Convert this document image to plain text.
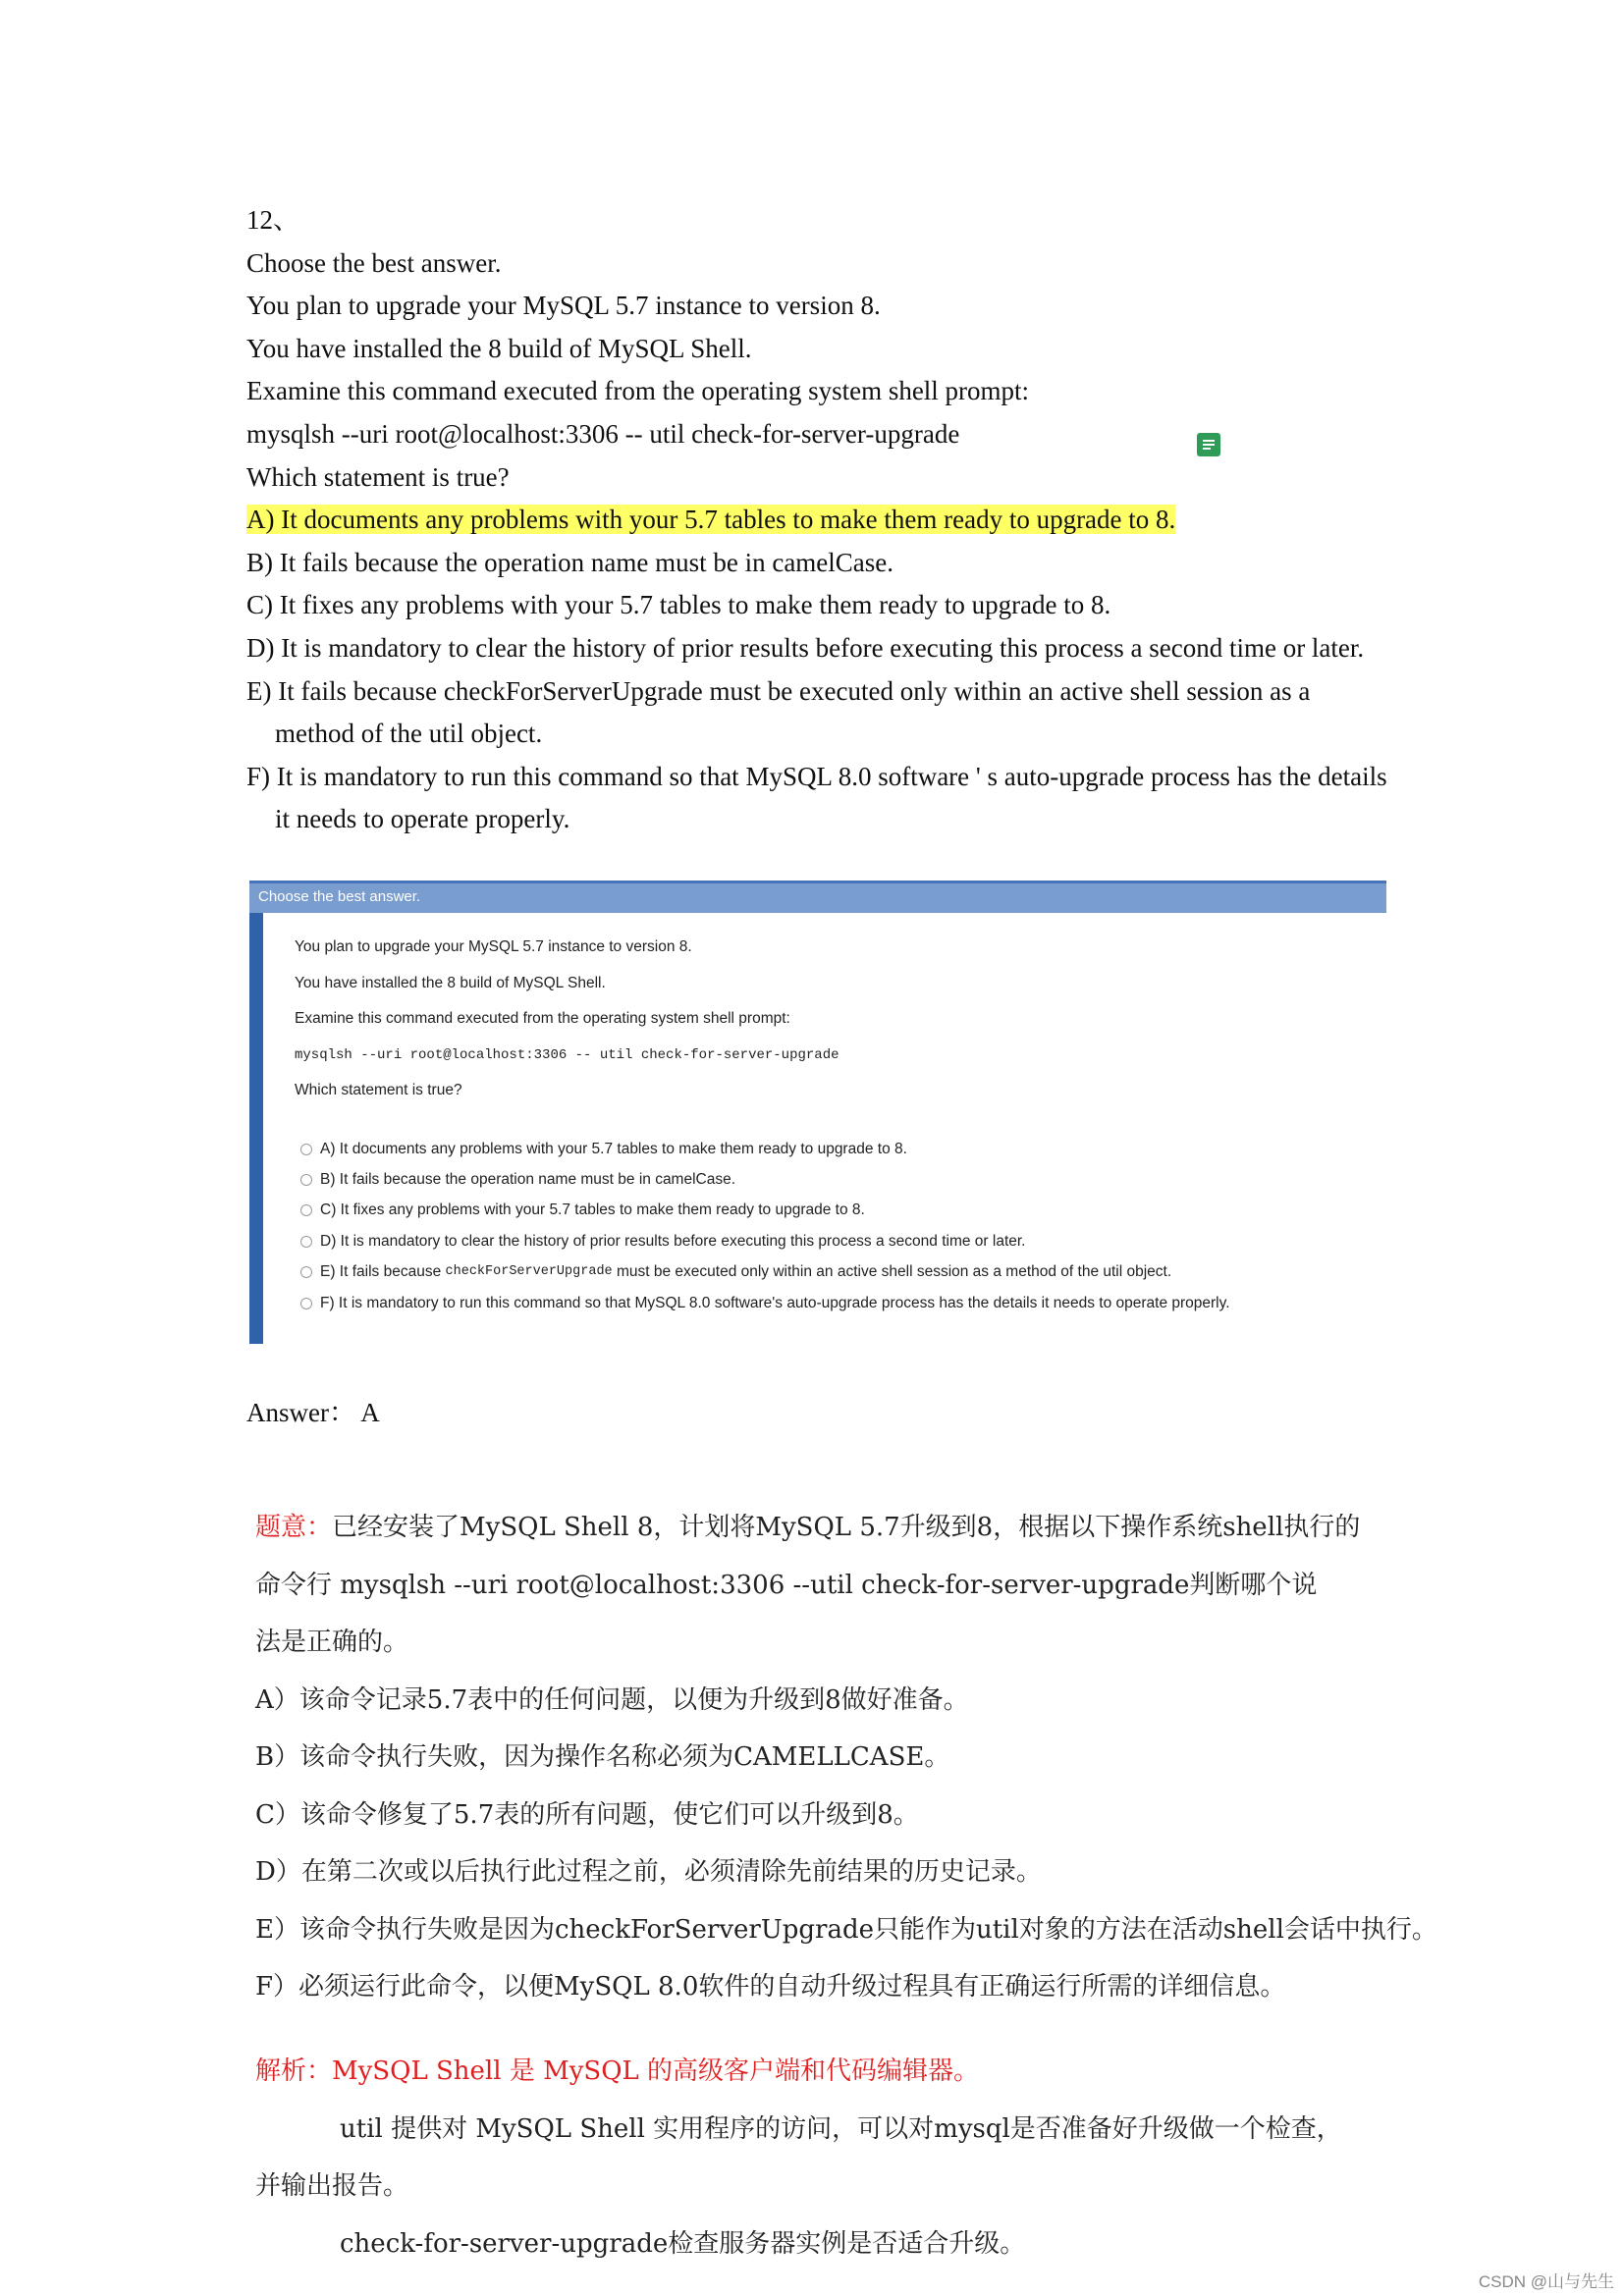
12、
Choose the best answer.
You plan to upgrade your MySQL 5.7 instance to version 8.
You have installed the 8 build of MySQL Shell.
Examine this command executed from the operating system shell prompt:
mysqlsh --uri root@localhost:3306 -- util check-for-server-upgrade
Which statement is true?
A) It documents any problems with your 5.7 tables to make them ready to upgrade to 8.
B) It fails because the operation name must be in camelCase.
C) It fixes any problems with your 5.7 tables to make them ready to upgrade to 8.
D) It is mandatory to clear the history of prior results before executing this process a second time or later.
E) It fails because checkForServerUpgrade must be executed only within an active shell session as a method of the util object.
F) It is mandatory to run this command so that MySQL 8.0 software ' s auto-upgrade process has the details it needs to operate properly.
Choose the best answer.
You plan to upgrade your MySQL 5.7 instance to version 8.
You have installed the 8 build of MySQL Shell.
Examine this command executed from the operating system shell prompt:
mysqlsh --uri root@localhost:3306 -- util check-for-server-upgrade
Which statement is true?
A) It documents any problems with your 5.7 tables to make them ready to upgrade to 8.
B) It fails because the operation name must be in camelCase.
C) It fixes any problems with your 5.7 tables to make them ready to upgrade to 8.
D) It is mandatory to clear the history of prior results before executing this process a second time or later.
E) It fails because checkForServerUpgrade must be executed only within an active shell session as a method of the util object.
F) It is mandatory to run this command so that MySQL 8.0 software's auto-upgrade process has the details it needs to operate properly.
Answer： A
题意：已经安装了MySQL Shell 8，计划将MySQL 5.7升级到8，根据以下操作系统shell执行的
命令行 mysqlsh --uri root@localhost:3306 --util check-for-server-upgrade判断哪个说
法是正确的。
A）该命令记录5.7表中的任何问题，以便为升级到8做好准备。
B）该命令执行失败，因为操作名称必须为CAMELLCASE。
C）该命令修复了5.7表的所有问题，使它们可以升级到8。
D）在第二次或以后执行此过程之前，必须清除先前结果的历史记录。
E）该命令执行失败是因为checkForServerUpgrade只能作为util对象的方法在活动shell会话中执行。
F）必须运行此命令，以便MySQL 8.0软件的自动升级过程具有正确运行所需的详细信息。
解析：MySQL Shell 是 MySQL 的高级客户端和代码编辑器。
util 提供对 MySQL Shell 实用程序的访问，可以对mysql是否准备好升级做一个检查，
并输出报告。
check-for-server-upgrade检查服务器实例是否适合升级。
CSDN @山与先生
